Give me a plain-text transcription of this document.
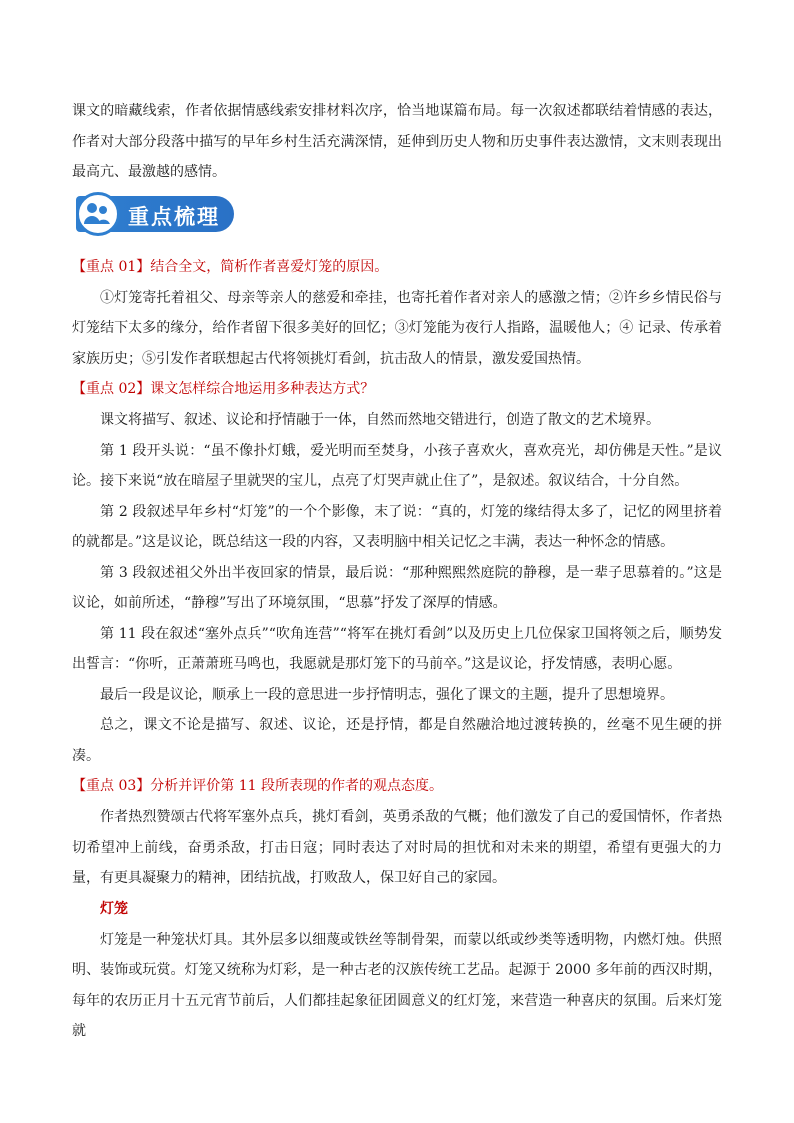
课文的暗藏线索，作者依据情感线索安排材料次序，恰当地谋篇布局。每一次叙述都联结着情感的表达，作者对大部分段落中描写的早年乡村生活充满深情，延伸到历史人物和历史事件表达激情，文末则表现出最高亢、最激越的感情。

重点梳理

【重点 01】结合全文，简析作者喜爱灯笼的原因。

①灯笼寄托着祖父、母亲等亲人的慈爱和牵挂，也寄托着作者对亲人的感激之情；②许乡乡情民俗与灯笼结下太多的缘分，给作者留下很多美好的回忆；③灯笼能为夜行人指路，温暖他人；④ 记录、传承着家族历史；⑤引发作者联想起古代将领挑灯看剑，抗击敌人的情景，激发爱国热情。

【重点 02】课文怎样综合地运用多种表达方式？

课文将描写、叙述、议论和抒情融于一体，自然而然地交错进行，创造了散文的艺术境界。

第 1 段开头说：“虽不像扑灯蛾，爱光明而至焚身，小孩子喜欢火，喜欢亮光，却仿佛是天性。”是议论。接下来说“放在暗屋子里就哭的宝儿，点亮了灯哭声就止住了”，是叙述。叙议结合，十分自然。

第 2 段叙述早年乡村“灯笼”的一个个影像，末了说：“真的，灯笼的缘结得太多了，记忆的网里挤着的就都是。”这是议论，既总结这一段的内容，又表明脑中相关记忆之丰满，表达一种怀念的情感。

第 3 段叙述祖父外出半夜回家的情景，最后说：“那种熙熙然庭院的静穆，是一辈子思慕着的。”这是议论，如前所述，“静穆”写出了环境氛围，“思慕”抒发了深厚的情感。

第 11 段在叙述“塞外点兵”“吹角连营”“将军在挑灯看剑”以及历史上几位保家卫国将领之后，顺势发出誓言：“你听，正萧萧班马鸣也，我愿就是那灯笼下的马前卒。”这是议论，抒发情感，表明心愿。

最后一段是议论，顺承上一段的意思进一步抒情明志，强化了课文的主题，提升了思想境界。

总之，课文不论是描写、叙述、议论，还是抒情，都是自然融洽地过渡转换的，丝毫不见生硬的拼凑。

【重点 03】分析并评价第 11 段所表现的作者的观点态度。

作者热烈赞颂古代将军塞外点兵，挑灯看剑，英勇杀敌的气概；他们激发了自己的爱国情怀，作者热切希望冲上前线，奋勇杀敌，打击日寇；同时表达了对时局的担忧和对未来的期望，希望有更强大的力量，有更具凝聚力的精神，团结抗战，打败敌人，保卫好自己的家园。

灯笼

灯笼是一种笼状灯具。其外层多以细蔑或铁丝等制骨架，而蒙以纸或纱类等透明物，内燃灯烛。供照明、装饰或玩赏。灯笼又统称为灯彩，是一种古老的汉族传统工艺品。起源于 2000 多年前的西汉时期，每年的农历正月十五元宵节前后，人们都挂起象征团圆意义的红灯笼，来营造一种喜庆的氛围。后来灯笼就
